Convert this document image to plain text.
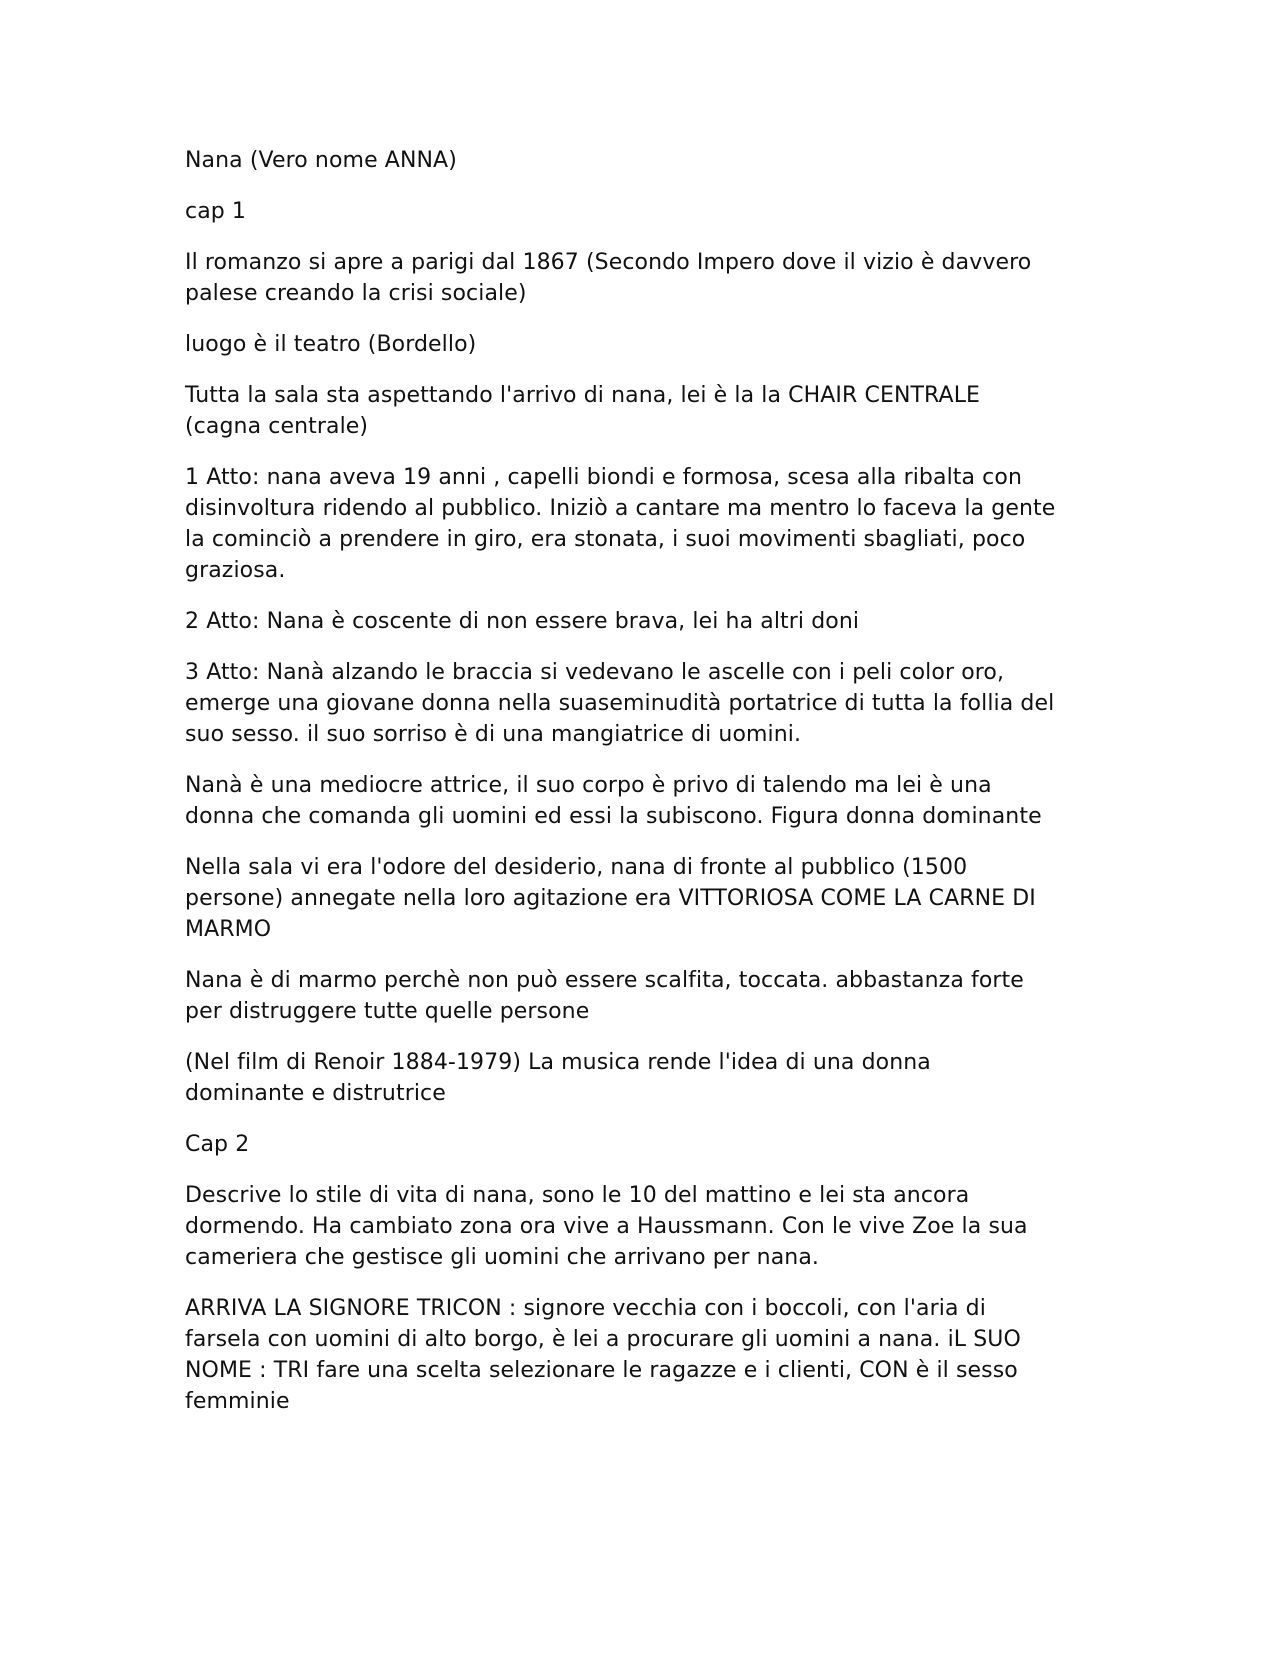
Nana (Vero nome ANNA)

cap 1

Il romanzo si apre a parigi dal 1867 (Secondo Impero dove il vizio è davvero
palese creando la crisi sociale)

luogo è il teatro (Bordello)

Tutta la sala sta aspettando l'arrivo di nana, lei è la la CHAIR CENTRALE
(cagna centrale)

1 Atto: nana aveva 19 anni , capelli biondi e formosa, scesa alla ribalta con
disinvoltura ridendo al pubblico. Iniziò a cantare ma mentro lo faceva la gente
la cominciò a prendere in giro, era stonata, i suoi movimenti sbagliati, poco
graziosa.

2 Atto: Nana è coscente di non essere brava, lei ha altri doni

3 Atto: Nanà alzando le braccia si vedevano le ascelle con i peli color oro,
emerge una giovane donna nella suaseminudità portatrice di tutta la follia del
suo sesso. il suo sorriso è di una mangiatrice di uomini.

Nanà è una mediocre attrice, il suo corpo è privo di talendo ma lei è una
donna che comanda gli uomini ed essi la subiscono. Figura donna dominante

Nella sala vi era l'odore del desiderio, nana di fronte al pubblico (1500
persone) annegate nella loro agitazione era VITTORIOSA COME LA CARNE DI
MARMO

Nana è di marmo perchè non può essere scalfita, toccata. abbastanza forte
per distruggere tutte quelle persone

(Nel film di Renoir 1884-1979) La musica rende l'idea di una donna
dominante e distrutrice

Cap 2

Descrive lo stile di vita di nana, sono le 10 del mattino e lei sta ancora
dormendo. Ha cambiato zona ora vive a Haussmann. Con le vive Zoe la sua
cameriera che gestisce gli uomini che arrivano per nana.

ARRIVA LA SIGNORE TRICON : signore vecchia con i boccoli, con l'aria di
farsela con uomini di alto borgo, è lei a procurare gli uomini a nana. iL SUO
NOME : TRI fare una scelta selezionare le ragazze e i clienti, CON è il sesso
femminie
